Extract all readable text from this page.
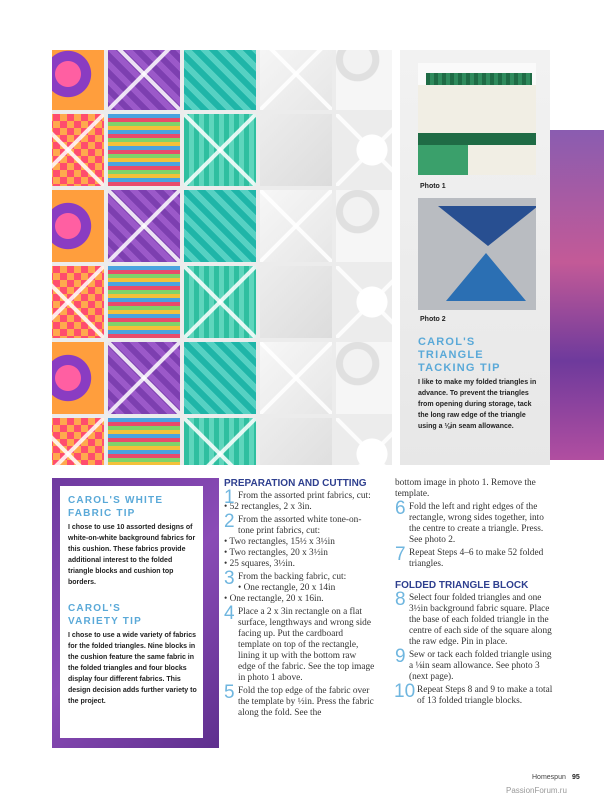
Photo 1
Photo 2
CAROL'S
TRIANGLE
TACKING TIP
I like to make my folded triangles in advance. To prevent the triangles from opening during storage, tack the long raw edge of the triangle using a ⅛in seam allowance.
CAROL'S WHITE
FABRIC TIP
I chose to use 10 assorted designs of white-on-white background fabrics for this cushion. These fabrics provide additional interest to the folded triangle blocks and cushion top borders.
CAROL'S
VARIETY TIP
I chose to use a wide variety of fabrics for the folded triangles. Nine blocks in the cushion feature the same fabric in the folded triangles and four blocks display four different fabrics. This design decision adds further variety to the project.
PREPARATION AND CUTTING
1 From the assorted print fabrics, cut:
• 52 rectangles, 2 x 3in.
2 From the assorted white tone-on-tone print fabrics, cut:
• Two rectangles, 15½ x 3½in
• Two rectangles, 20 x 3½in
• 25 squares, 3½in.
3 From the backing fabric, cut:
• One rectangle, 20 x 14in
• One rectangle, 20 x 16in.
4 Place a 2 x 3in rectangle on a flat surface, lengthways and wrong side facing up. Put the cardboard template on top of the rectangle, lining it up with the bottom raw edge of the fabric. See the top image in photo 1 above.
5 Fold the top edge of the fabric over the template by ½in. Press the fabric along the fold. See the
bottom image in photo 1. Remove the template.
6 Fold the left and right edges of the rectangle, wrong sides together, into the centre to create a triangle. Press. See photo 2.
7 Repeat Steps 4–6 to make 52 folded triangles.
FOLDED TRIANGLE BLOCK
8 Select four folded triangles and one 3½in background fabric square. Place the base of each folded triangle in the centre of each side of the square along the raw edge. Pin in place.
9 Sew or tack each folded triangle using a ⅛in seam allowance. See photo 3 (next page).
10 Repeat Steps 8 and 9 to make a total of 13 folded triangle blocks.
Homespun 95
PassionForum.ru
